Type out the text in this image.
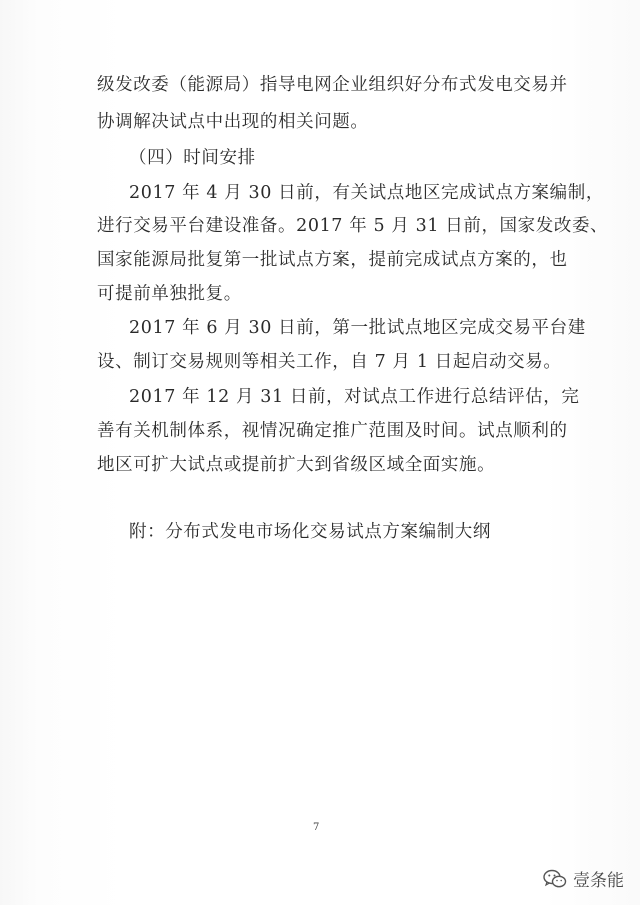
级发改委（能源局）指导电网企业组织好分布式发电交易并
协调解决试点中出现的相关问题。
（四）时间安排
2017 年 4 月 30 日前，有关试点地区完成试点方案编制，
进行交易平台建设准备。2017 年 5 月 31 日前，国家发改委、
国家能源局批复第一批试点方案，提前完成试点方案的，也
可提前单独批复。
2017 年 6 月 30 日前，第一批试点地区完成交易平台建
设、制订交易规则等相关工作，自 7 月 1 日起启动交易。
2017 年 12 月 31 日前，对试点工作进行总结评估，完
善有关机制体系，视情况确定推广范围及时间。试点顺利的
地区可扩大试点或提前扩大到省级区域全面实施。
附：分布式发电市场化交易试点方案编制大纲
7
壹条能
